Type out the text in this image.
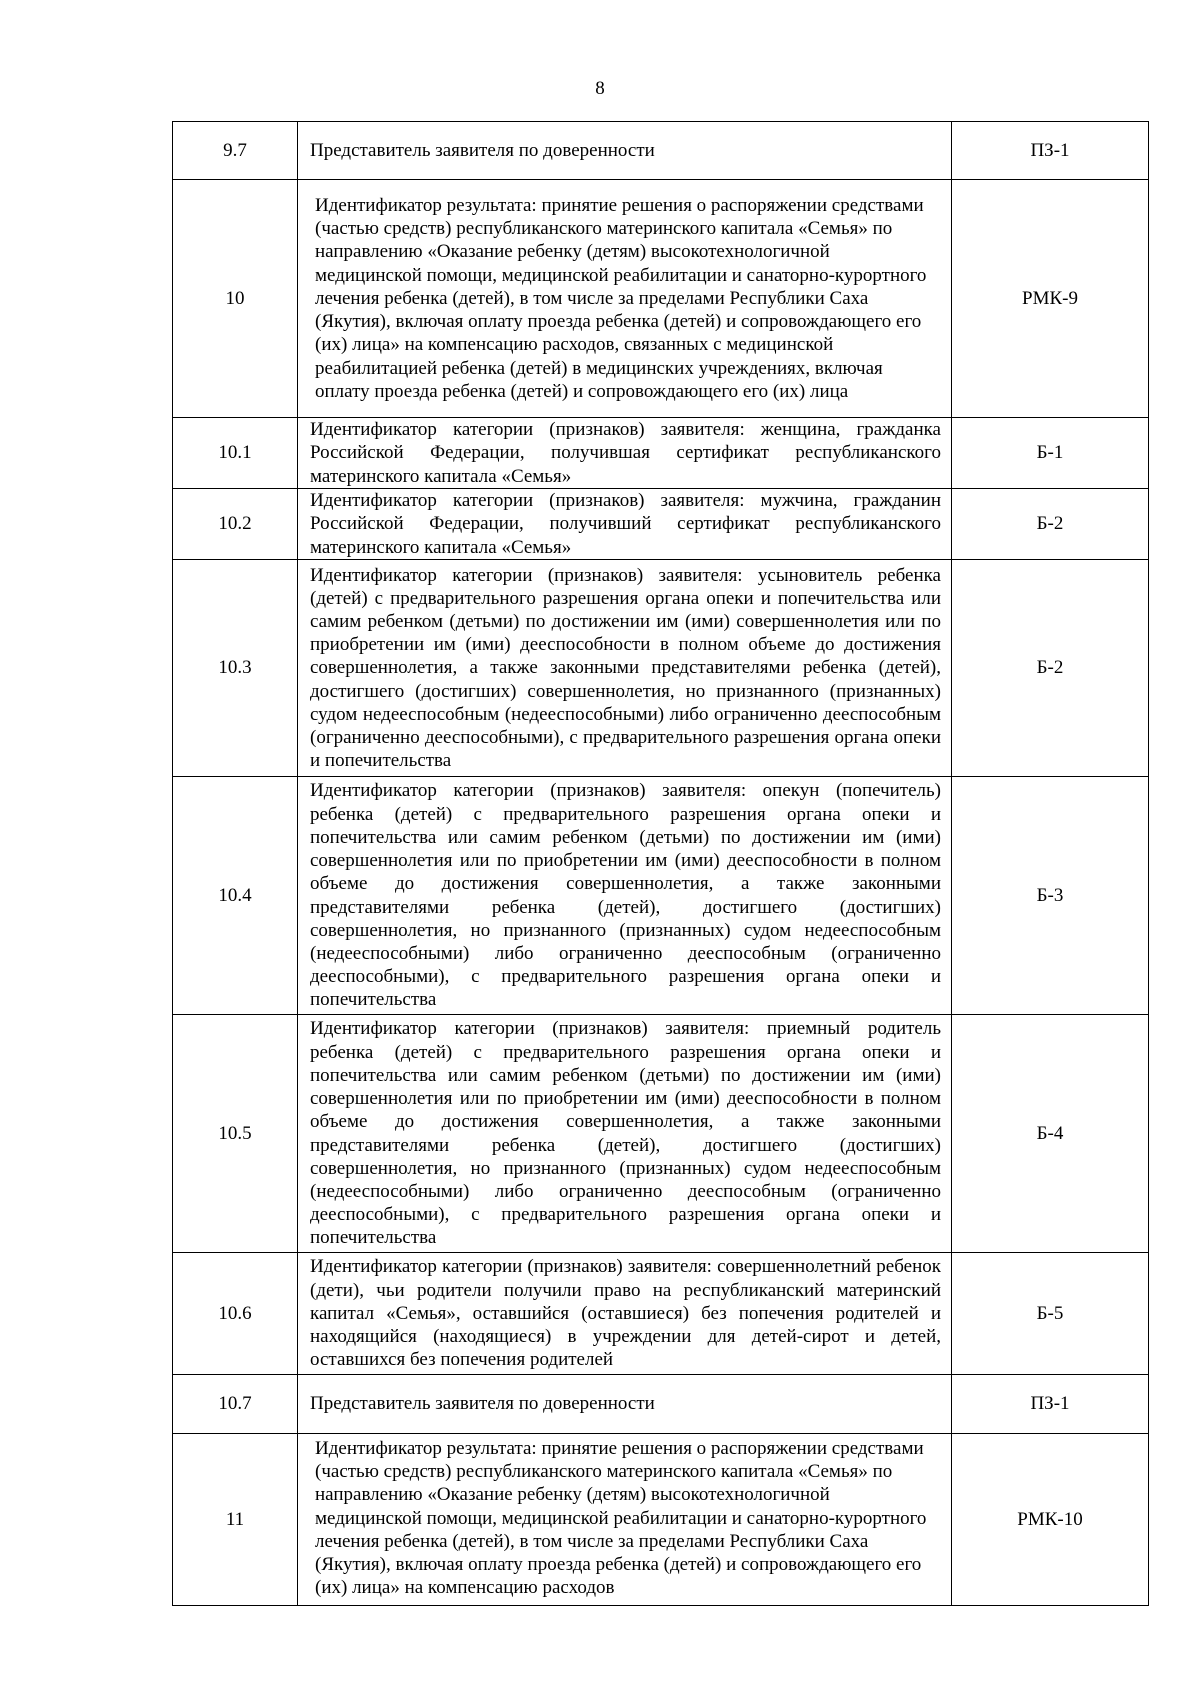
8
9.7	Представитель заявителя по доверенности	ПЗ-1
10	Идентификатор результата: принятие решения о распоряжении средствами (частью средств) республиканского материнского капитала «Семья» по направлению «Оказание ребенку (детям) высокотехнологичной медицинской помощи, медицинской реабилитации и санаторно-курортного лечения ребенка (детей), в том числе за пределами Республики Саха (Якутия), включая оплату проезда ребенка (детей) и сопровождающего его (их) лица» на компенсацию расходов, связанных с медицинской реабилитацией ребенка (детей) в медицинских учреждениях, включая оплату проезда ребенка (детей) и сопровождающего его (их) лица	РМК-9
10.1	Идентификатор категории (признаков) заявителя: женщина, гражданка Российской Федерации, получившая сертификат республиканского материнского капитала «Семья»	Б-1
10.2	Идентификатор категории (признаков) заявителя: мужчина, гражданин Российской Федерации, получивший сертификат республиканского материнского капитала «Семья»	Б-2
10.3	Идентификатор категории (признаков) заявителя: усыновитель ребенка (детей) с предварительного разрешения органа опеки и попечительства или самим ребенком (детьми) по достижении им (ими) совершеннолетия или по приобретении им (ими) дееспособности в полном объеме до достижения совершеннолетия, а также законными представителями ребенка (детей), достигшего (достигших) совершеннолетия, но признанного (признанных) судом недееспособным (недееспособными) либо ограниченно дееспособным (ограниченно дееспособными), с предварительного разрешения органа опеки и попечительства	Б-2
10.4	Идентификатор категории (признаков) заявителя: опекун (попечитель) ребенка (детей) с предварительного разрешения органа опеки и попечительства или самим ребенком (детьми) по достижении им (ими) совершеннолетия или по приобретении им (ими) дееспособности в полном объеме до достижения совершеннолетия, а также законными представителями ребенка (детей), достигшего (достигших) совершеннолетия, но признанного (признанных) судом недееспособным (недееспособными) либо ограниченно дееспособным (ограниченно дееспособными), с предварительного разрешения органа опеки и попечительства	Б-3
10.5	Идентификатор категории (признаков) заявителя: приемный родитель ребенка (детей) с предварительного разрешения органа опеки и попечительства или самим ребенком (детьми) по достижении им (ими) совершеннолетия или по приобретении им (ими) дееспособности в полном объеме до достижения совершеннолетия, а также законными представителями ребенка (детей), достигшего (достигших) совершеннолетия, но признанного (признанных) судом недееспособным (недееспособными) либо ограниченно дееспособным (ограниченно дееспособными), с предварительного разрешения органа опеки и попечительства	Б-4
10.6	Идентификатор категории (признаков) заявителя: совершеннолетний ребенок (дети), чьи родители получили право на республиканский материнский капитал «Семья», оставшийся (оставшиеся) без попечения родителей и находящийся (находящиеся) в учреждении для детей-сирот и детей, оставшихся без попечения родителей	Б-5
10.7	Представитель заявителя по доверенности	ПЗ-1
11	Идентификатор результата: принятие решения о распоряжении средствами (частью средств) республиканского материнского капитала «Семья» по направлению «Оказание ребенку (детям) высокотехнологичной медицинской помощи, медицинской реабилитации и санаторно-курортного лечения ребенка (детей), в том числе за пределами Республики Саха (Якутия), включая оплату проезда ребенка (детей) и сопровождающего его (их) лица» на компенсацию расходов	РМК-10
